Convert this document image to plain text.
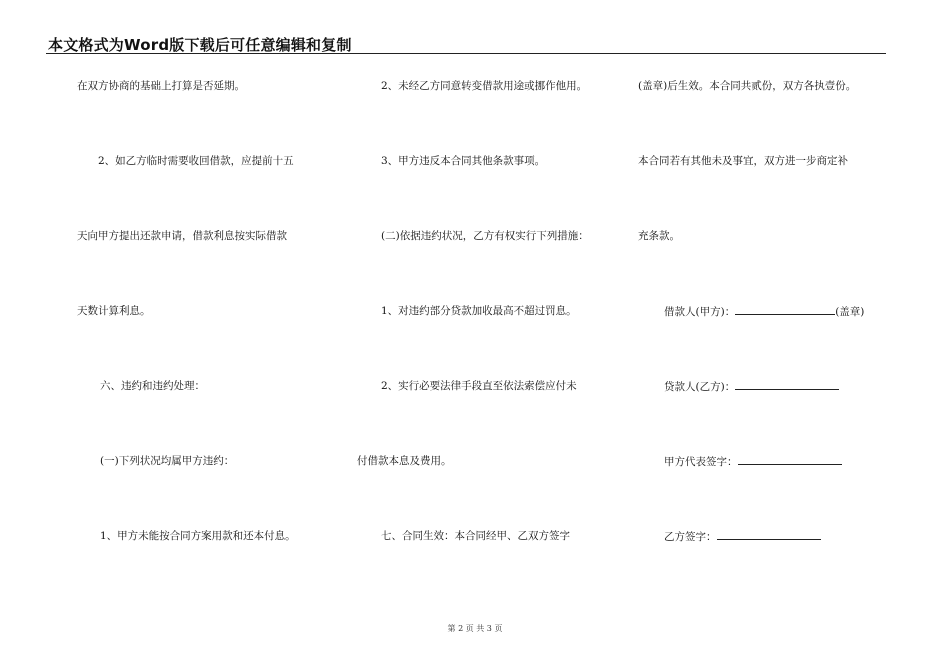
本文格式为Word版下载后可任意编辑和复制
在双方协商的基础上打算是否延期。
2、如乙方临时需要收回借款，应提前十五
天向甲方提出还款申请，借款利息按实际借款
天数计算利息。
六、违约和违约处理：
(一)下列状况均属甲方违约：
1、甲方未能按合同方案用款和还本付息。
2、未经乙方同意转变借款用途或挪作他用。
3、甲方违反本合同其他条款事项。
(二)依据违约状况，乙方有权实行下列措施：
1、对违约部分贷款加收最高不超过罚息。
2、实行必要法律手段直至依法索偿应付未
付借款本息及费用。
七、合同生效：本合同经甲、乙双方签字
(盖章)后生效。本合同共贰份，双方各执壹份。
本合同若有其他未及事宜，双方进一步商定补
充条款。
借款人(甲方)：	(盖章)
贷款人(乙方)：
甲方代表签字：
乙方签字：
第 2 页 共 3 页
